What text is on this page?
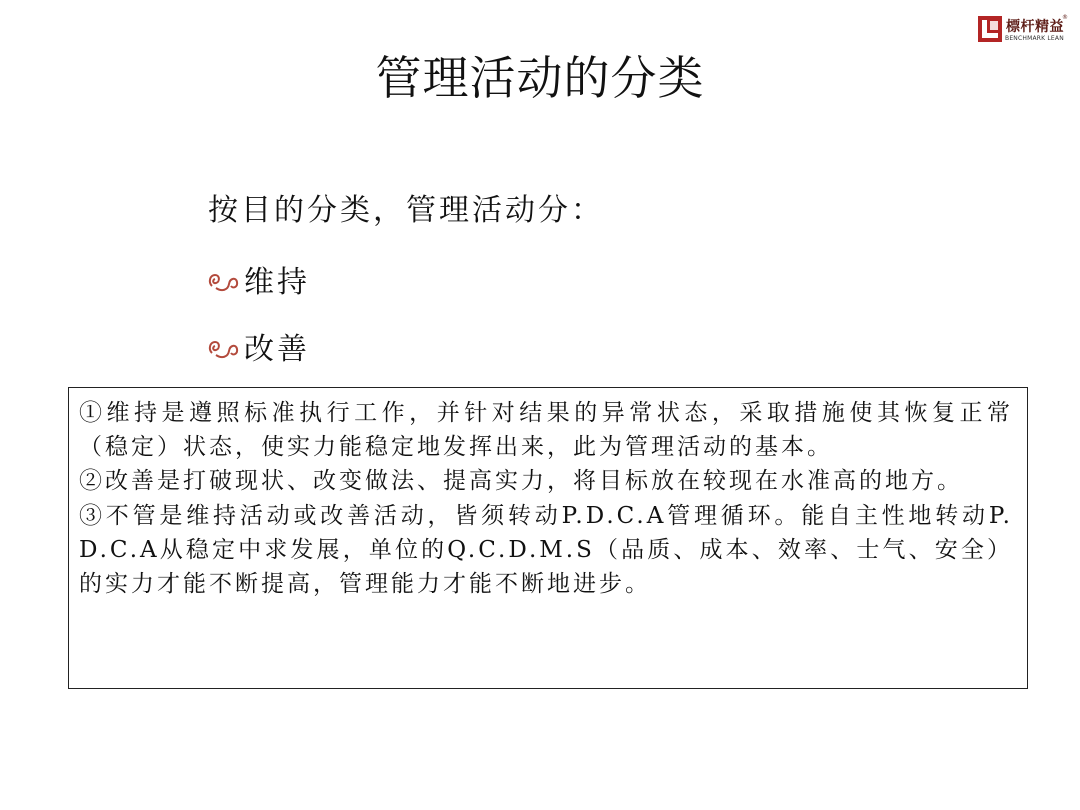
標杆精益
®
BENCHMARK LEAN
管理活动的分类
按目的分类，管理活动分：
维持
改善

①维持是遵照标准执行工作，并针对结果的异常状态，采取措施使其恢复正常（稳定）状态，使实力能稳定地发挥出来，此为管理活动的基本。

②改善是打破现状、改变做法、提高实力，将目标放在较现在水准高的地方。

③不管是维持活动或改善活动，皆须转动P.D.C.A管理循环。能自主性地转动P.D.C.A从稳定中求发展，单位的Q.C.D.M.S（品质、成本、效率、士气、安全）的实力才能不断提高，管理能力才能不断地进步。
